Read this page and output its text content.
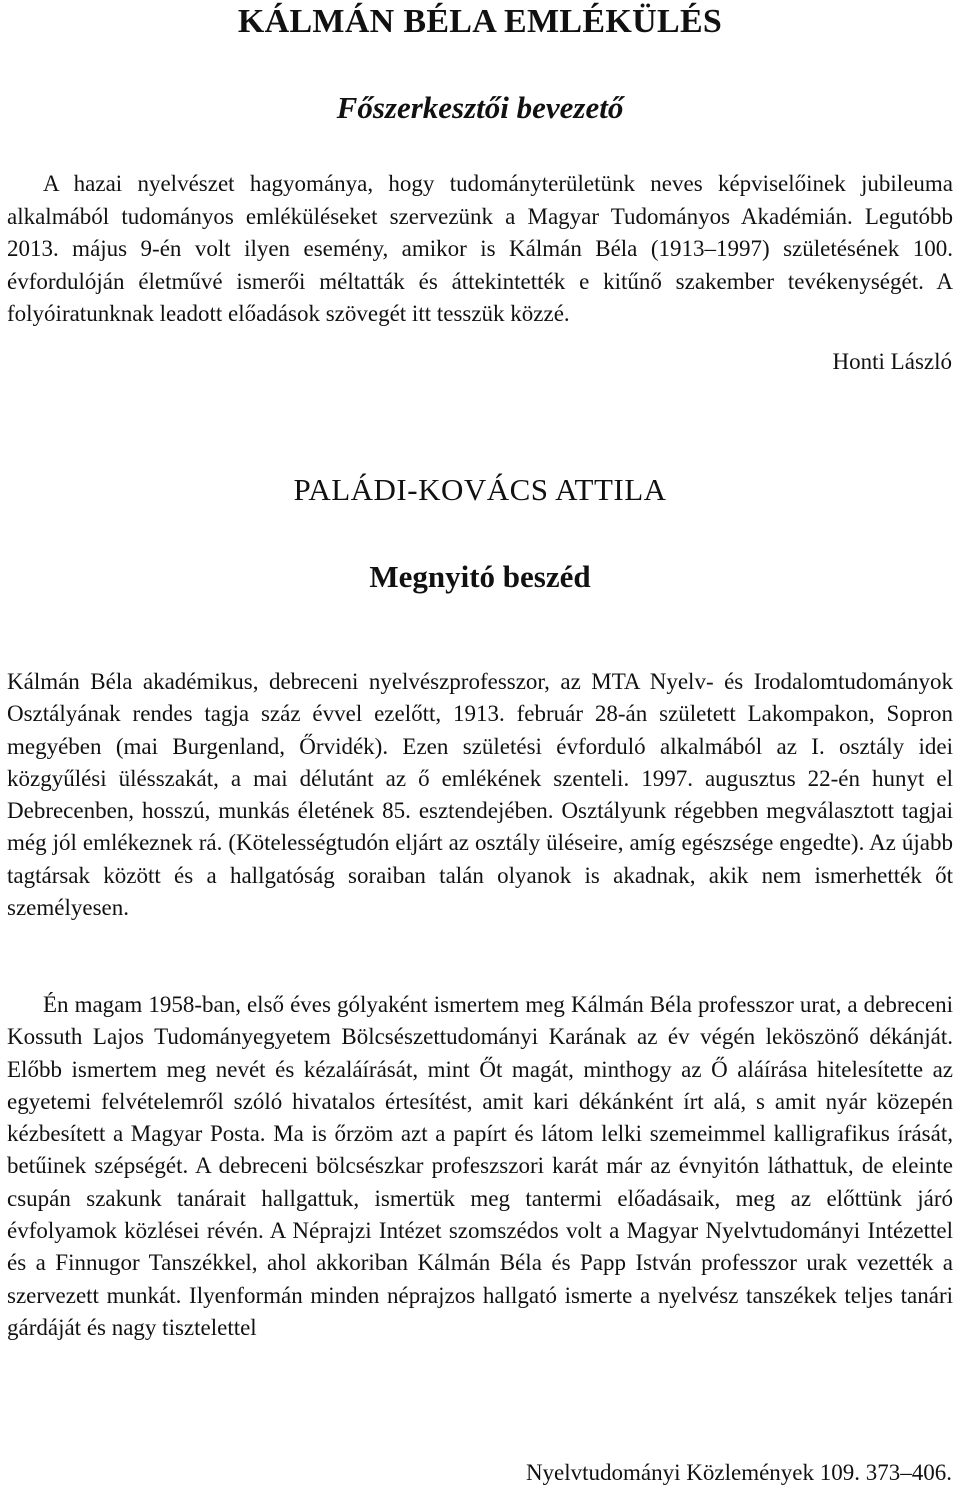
KÁLMÁN BÉLA EMLÉKÜLÉS
Főszerkesztői bevezető

A hazai nyelvészet hagyománya, hogy tudományterületünk neves képviselőinek jubileuma alkalmából tudományos emléküléseket szervezünk a Magyar Tudományos Akadémián. Legutóbb 2013. május 9-én volt ilyen esemény, amikor is Kálmán Béla (1913–1997) születésének 100. évfordulóján életművé ismerői méltatták és áttekintették e kitűnő szakember tevékenységét. A folyóiratunknak leadott előadások szövegét itt tesszük közzé.

Honti László
PALÁDI-KOVÁCS ATTILA
Megnyitó beszéd

Kálmán Béla akadémikus, debreceni nyelvészprofesszor, az MTA Nyelv- és Irodalomtudományok Osztályának rendes tagja száz évvel ezelőtt, 1913. február 28-án született Lakompakon, Sopron megyében (mai Burgenland, Őrvidék). Ezen születési évforduló alkalmából az I. osztály idei közgyűlési ülésszakát, a mai délutánt az ő emlékének szenteli. 1997. augusztus 22-én hunyt el Debrecenben, hosszú, munkás életének 85. esztendejében. Osztályunk régebben megválasztott tagjai még jól emlékeznek rá. (Kötelességtudón eljárt az osztály üléseire, amíg egészsége engedte). Az újabb tagtársak között és a hallgatóság soraiban talán olyanok is akadnak, akik nem ismerhették őt személyesen.

Én magam 1958-ban, első éves gólyaként ismertem meg Kálmán Béla professzor urat, a debreceni Kossuth Lajos Tudományegyetem Bölcsészettudományi Karának az év végén leköszönő dékánját. Előbb ismertem meg nevét és kézaláírását, mint Őt magát, minthogy az Ő aláírása hitelesítette az egyetemi felvételemről szóló hivatalos értesítést, amit kari dékánként írt alá, s amit nyár közepén kézbesített a Magyar Posta. Ma is őrzöm azt a papírt és látom lelki szemeimmel kalligrafikus írását, betűinek szépségét. A debreceni bölcsészkar profeszszori karát már az évnyitón láthattuk, de eleinte csupán szakunk tanárait hallgattuk, ismertük meg tantermi előadásaik, meg az előttünk járó évfolyamok közlései révén. A Néprajzi Intézet szomszédos volt a Magyar Nyelvtudományi Intézettel és a Finnugor Tanszékkel, ahol akkoriban Kálmán Béla és Papp István professzor urak vezették a szervezett munkát. Ilyenformán minden néprajzos hallgató ismerte a nyelvész tanszékek teljes tanári gárdáját és nagy tisztelettel

Nyelvtudományi Közlemények 109. 373–406.
